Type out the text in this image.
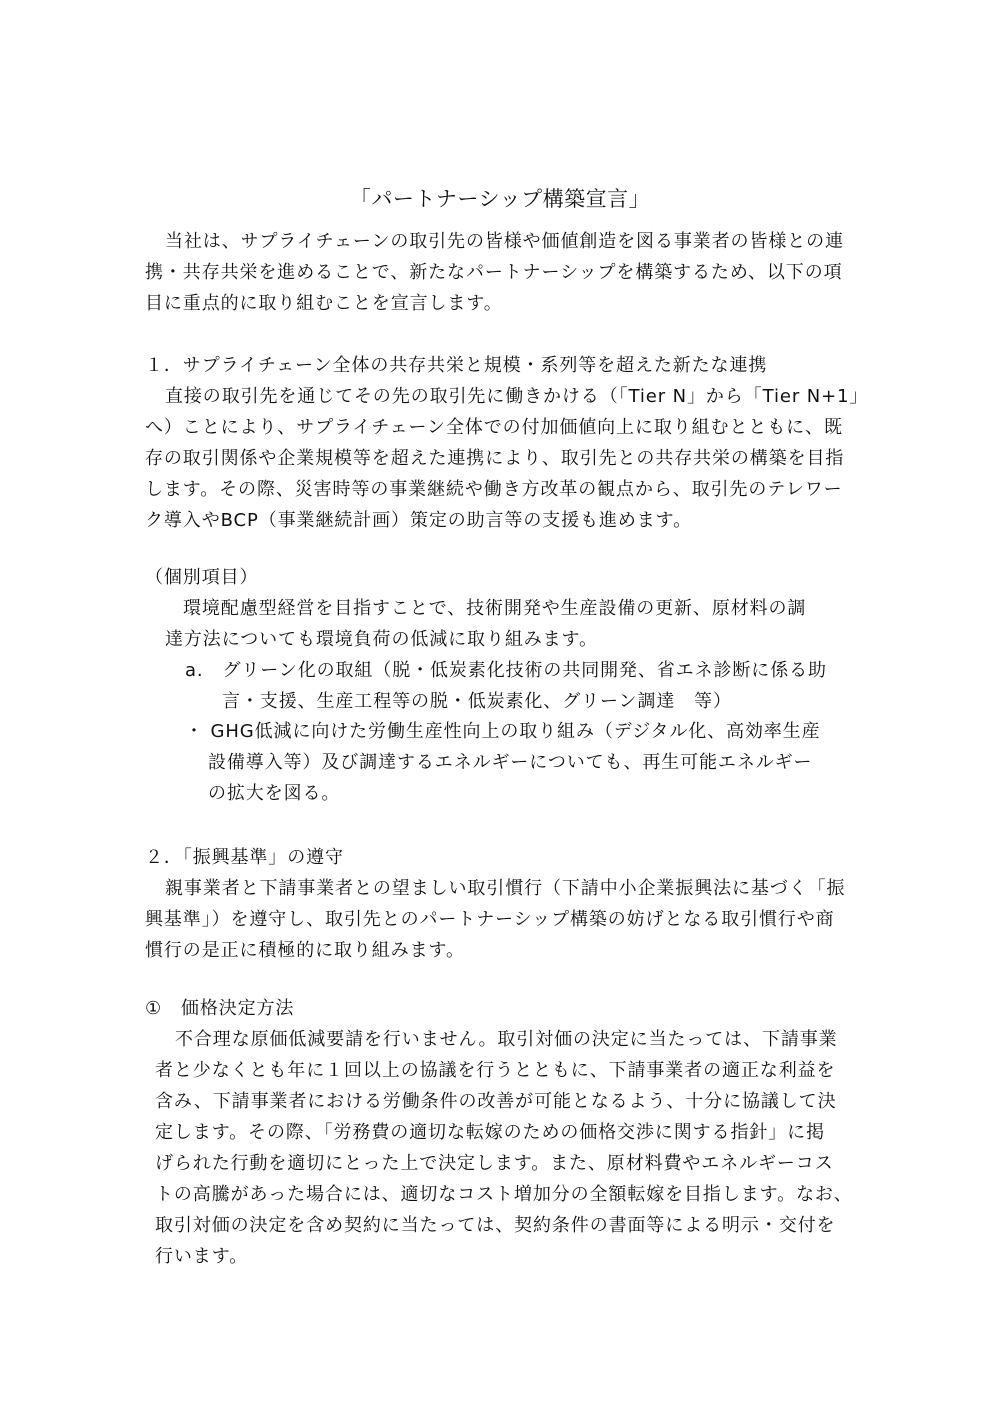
「パートナーシップ構築宣言」
当社は、サプライチェーンの取引先の皆様や価値創造を図る事業者の皆様との連
携・共存共栄を進めることで、新たなパートナーシップを構築するため、以下の項
目に重点的に取り組むことを宣言します。
１．サプライチェーン全体の共存共栄と規模・系列等を超えた新たな連携
直接の取引先を通じてその先の取引先に働きかける（「Tier N」から「Tier N+1」
へ）ことにより、サプライチェーン全体での付加価値向上に取り組むとともに、既
存の取引関係や企業規模等を超えた連携により、取引先との共存共栄の構築を目指
します。その際、災害時等の事業継続や働き方改革の観点から、取引先のテレワー
ク導入やBCP（事業継続計画）策定の助言等の支援も進めます。
（個別項目）
環境配慮型経営を目指すことで、技術開発や生産設備の更新、原材料の調
達方法についても環境負荷の低減に取り組みます。
a.　グリーン化の取組（脱・低炭素化技術の共同開発、省エネ診断に係る助
言・支援、生産工程等の脱・低炭素化、グリーン調達　等）
・ GHG低減に向けた労働生産性向上の取り組み（デジタル化、高効率生産
設備導入等）及び調達するエネルギーについても、再生可能エネルギー
の拡大を図る。
２．「振興基準」の遵守
親事業者と下請事業者との望ましい取引慣行（下請中小企業振興法に基づく「振
興基準」）を遵守し、取引先とのパートナーシップ構築の妨げとなる取引慣行や商
慣行の是正に積極的に取り組みます。
①　価格決定方法
不合理な原価低減要請を行いません。取引対価の決定に当たっては、下請事業
者と少なくとも年に１回以上の協議を行うとともに、下請事業者の適正な利益を
含み、下請事業者における労働条件の改善が可能となるよう、十分に協議して決
定します。その際、「労務費の適切な転嫁のための価格交渉に関する指針」に掲
げられた行動を適切にとった上で決定します。また、原材料費やエネルギーコス
トの高騰があった場合には、適切なコスト増加分の全額転嫁を目指します。なお、
取引対価の決定を含め契約に当たっては、契約条件の書面等による明示・交付を
行います。
